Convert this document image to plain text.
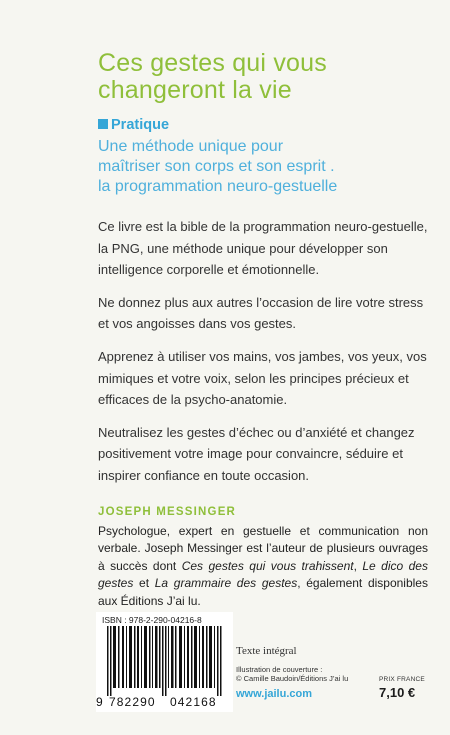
Ces gestes qui vous
changeront la vie
Pratique
Une méthode unique pour
maîtriser son corps et son esprit .
la programmation neuro-gestuelle

Ce livre est la bible de la programmation neuro-gestuelle, la PNG, une méthode unique pour développer son intelligence corporelle et émotionnelle.

Ne donnez plus aux autres l’occasion de lire votre stress et vos angoisses dans vos gestes.

Apprenez à utiliser vos mains, vos jambes, vos yeux, vos mimiques et votre voix, selon les principes précieux et efficaces de la psycho-anatomie.

Neutralisez les gestes d’échec ou d’anxiété et changez positivement votre image pour convaincre, séduire et inspirer confiance en toute occasion.

JOSEPH MESSINGER
Psychologue, expert en gestuelle et communication non verbale. Joseph Messinger est l’auteur de plusieurs ouvrages à succès dont Ces gestes qui vous trahissent, Le dico des gestes et La grammaire des gestes, également disponibles aux Éditions J’ai lu.
ISBN : 978-2-290-04216-8
9 782290 042168
Texte intégral
Illustration de couverture :
© Camille Baudoin/Éditions J’ai lu
www.jailu.com
PRIX FRANCE
7,10 €
